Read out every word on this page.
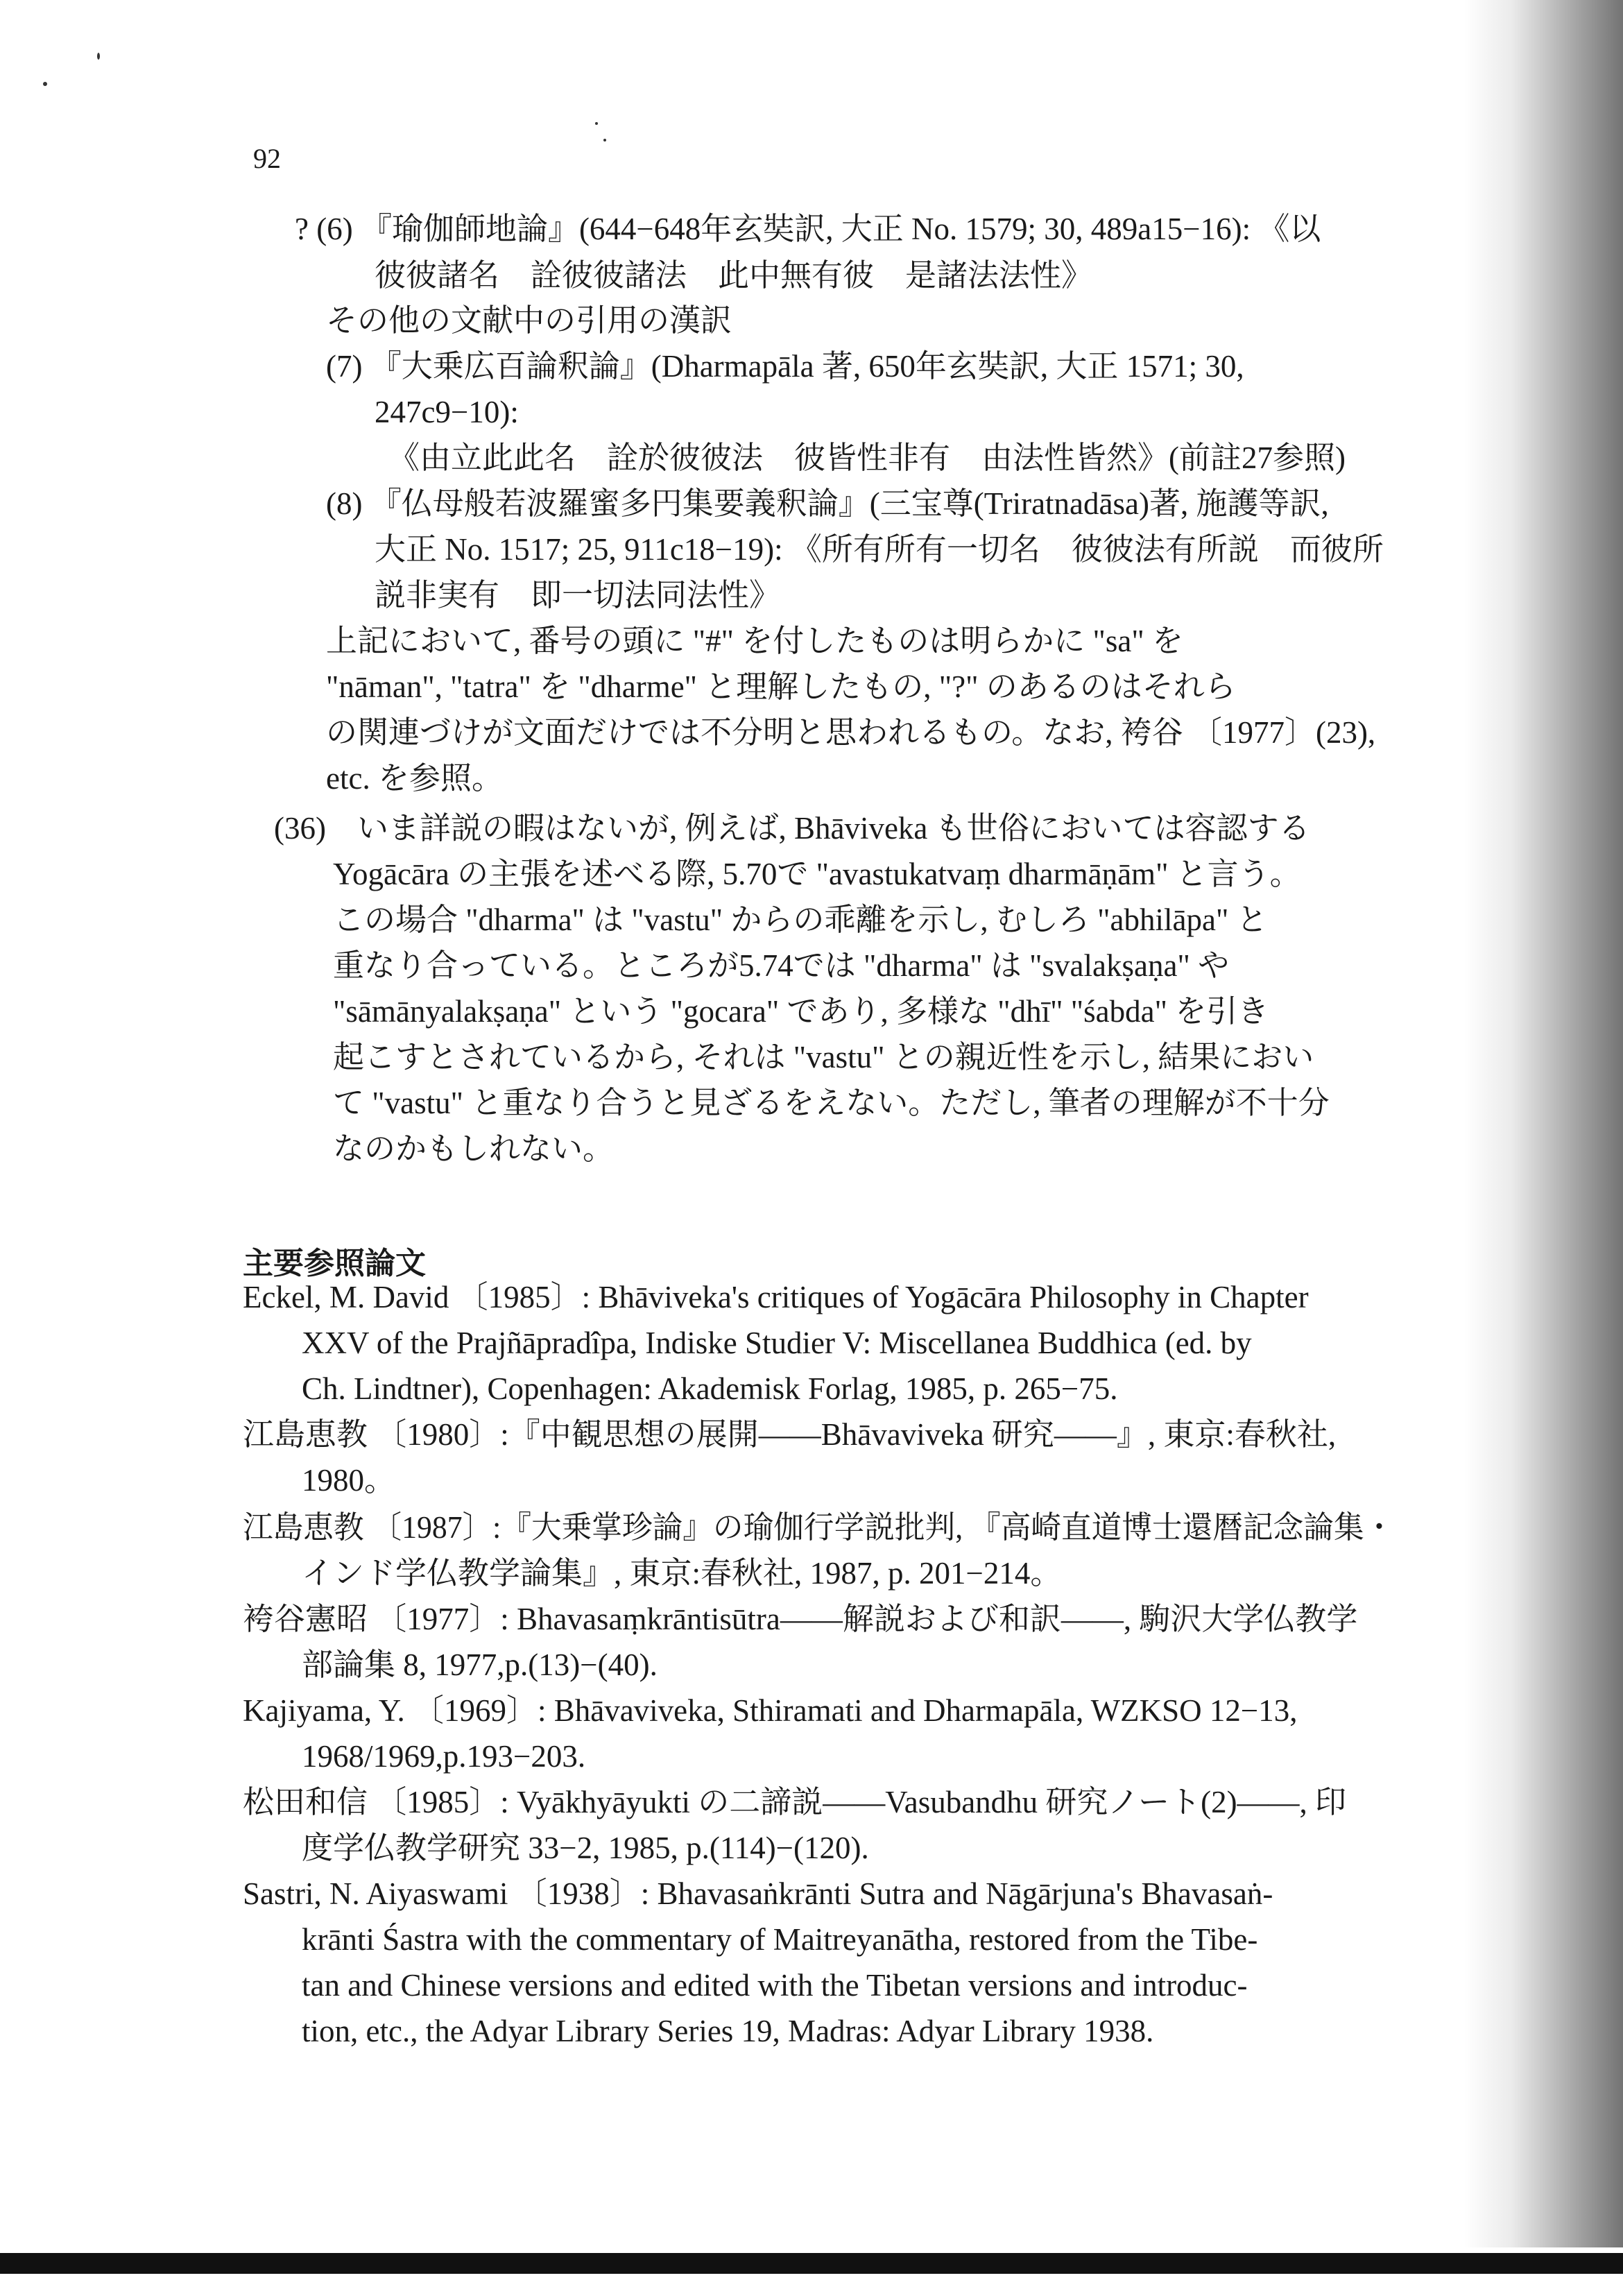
92
? (6) 『瑜伽師地論』(644−648年玄奘訳, 大正 No. 1579; 30, 489a15−16): 《以
彼彼諸名　詮彼彼諸法　此中無有彼　是諸法法性》
その他の文献中の引用の漢訳
(7) 『大乗広百論釈論』(Dharmapāla 著, 650年玄奘訳, 大正 1571; 30,
247c9−10):
《由立此此名　詮於彼彼法　彼皆性非有　由法性皆然》(前註27参照)
(8) 『仏母般若波羅蜜多円集要義釈論』(三宝尊(Triratnadāsa)著, 施護等訳,
大正 No. 1517; 25, 911c18−19): 《所有所有一切名　彼彼法有所説　而彼所
説非実有　即一切法同法性》
上記において, 番号の頭に "#" を付したものは明らかに "sa" を
"nāman", "tatra" を "dharme" と理解したもの, "?" のあるのはそれら
の関連づけが文面だけでは不分明と思われるもの。なお, 袴谷 〔1977〕(23),
etc. を参照。
(36)　いま詳説の暇はないが, 例えば, Bhāviveka も世俗においては容認する
Yogācāra の主張を述べる際, 5.70で "avastukatvaṃ dharmāṇām" と言う。
この場合 "dharma" は "vastu" からの乖離を示し, むしろ "abhilāpa" と
重なり合っている。ところが5.74では "dharma" は "svalakṣaṇa" や
"sāmānyalakṣaṇa" という "gocara" であり, 多様な "dhī" "śabda" を引き
起こすとされているから, それは "vastu" との親近性を示し, 結果におい
て "vastu" と重なり合うと見ざるをえない。ただし, 筆者の理解が不十分
なのかもしれない。
主要参照論文
Eckel, M. David 〔1985〕: Bhāviveka's critiques of Yogācāra Philosophy in Chapter
XXV of the Prajñāpradîpa, Indiske Studier V: Miscellanea Buddhica (ed. by
Ch. Lindtner), Copenhagen: Akademisk Forlag, 1985, p. 265−75.
江島恵教 〔1980〕:『中観思想の展開——Bhāvaviveka 研究——』, 東京:春秋社,
1980。
江島恵教 〔1987〕:『大乗掌珍論』の瑜伽行学説批判, 『高崎直道博士還暦記念論集・
インド学仏教学論集』, 東京:春秋社, 1987, p. 201−214。
袴谷憲昭 〔1977〕: Bhavasaṃkrāntisūtra——解説および和訳——, 駒沢大学仏教学
部論集 8, 1977,p.(13)−(40).
Kajiyama, Y. 〔1969〕: Bhāvaviveka, Sthiramati and Dharmapāla, WZKSO 12−13,
1968/1969,p.193−203.
松田和信 〔1985〕: Vyākhyāyukti の二諦説——Vasubandhu 研究ノート(2)——, 印
度学仏教学研究 33−2, 1985, p.(114)−(120).
Sastri, N. Aiyaswami 〔1938〕: Bhavasaṅkrānti Sutra and Nāgārjuna's Bhavasaṅ-
krānti Śastra with the commentary of Maitreyanātha, restored from the Tibe-
tan and Chinese versions and edited with the Tibetan versions and introduc-
tion, etc., the Adyar Library Series 19, Madras: Adyar Library 1938.
